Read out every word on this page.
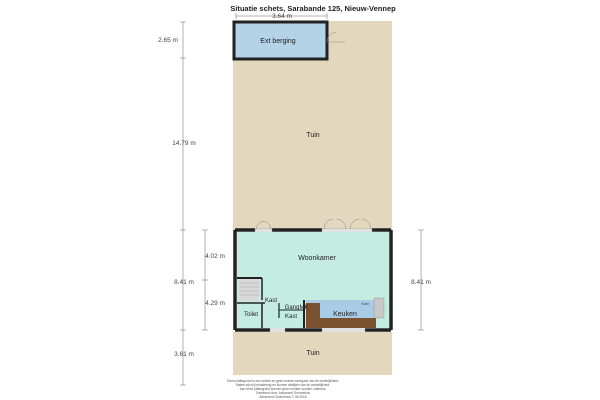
Situatie schets, Sarabande 125, Nieuw-Vennep
3.64 m
Ext berging
Tuin
2.65 m
14.79 m
4.02 m
8.41 m
4.29 m
3.61 m
8.41 m
Woonkamer
Kast
Gang MK
Toilet	Kast	Keuken
Koel
Tuin
Deze plattegrond is een schets en geen exacte weergave van de werkelijkheid.
Maten zijn bij benadering en kunnen afwijken van de werkelijkheid.
Aan deze plattegrond kunnen geen rechten worden ontleend.
Getekend door: Advanced Geometrics
Advanced Geometrics © 08-2018
